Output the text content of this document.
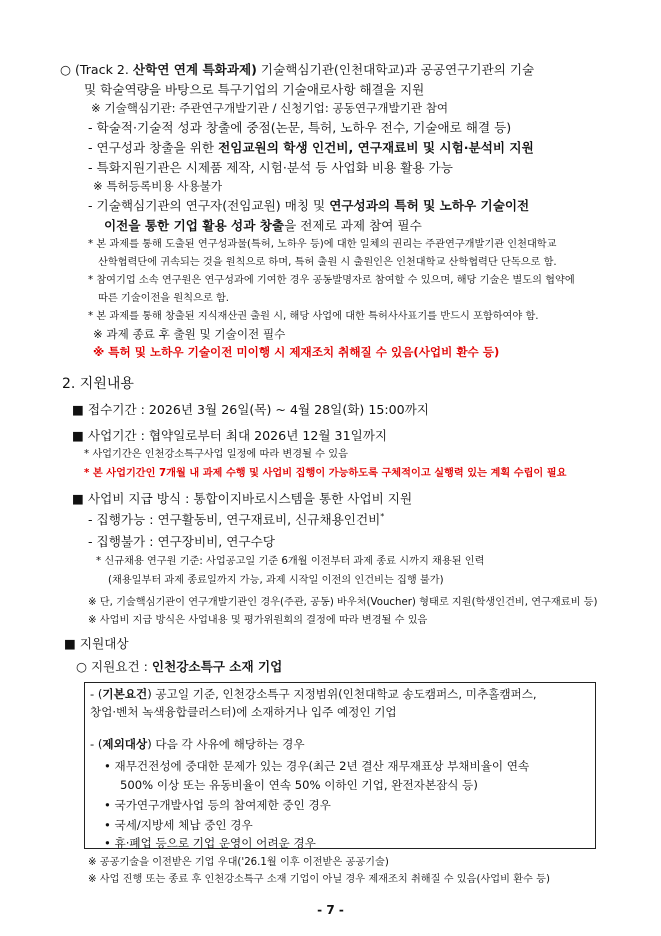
○ (Track 2. 산학연 연계 특화과제) 기술핵심기관(인천대학교)과 공공연구기관의 기술
및 학술역량을 바탕으로 특구기업의 기술애로사항 해결을 지원
※ 기술핵심기관: 주관연구개발기관 / 신청기업: 공동연구개발기관 참여
- 학술적·기술적 성과 창출에 중점(논문, 특허, 노하우 전수, 기술애로 해결 등)
- 연구성과 창출을 위한 전임교원의 학생 인건비, 연구재료비 및 시험·분석비 지원
- 특화지원기관은 시제품 제작, 시험·분석 등 사업화 비용 활용 가능
※ 특허등록비용 사용불가
- 기술핵심기관의 연구자(전임교원) 매칭 및 연구성과의 특허 및 노하우 기술이전
이전을 통한 기업 활용 성과 창출을 전제로 과제 참여 필수
* 본 과제를 통해 도출된 연구성과물(특허, 노하우 등)에 대한 일체의 권리는 주관연구개발기관 인천대학교
산학협력단에 귀속되는 것을 원칙으로 하며, 특허 출원 시 출원인은 인천대학교 산학협력단 단독으로 함.
* 참여기업 소속 연구원은 연구성과에 기여한 경우 공동발명자로 참여할 수 있으며, 해당 기술은 별도의 협약에
따른 기술이전을 원칙으로 함.
* 본 과제를 통해 창출된 지식재산권 출원 시, 해당 사업에 대한 특허사사표기를 반드시 포함하여야 함.
※ 과제 종료 후 출원 및 기술이전 필수
※ 특허 및 노하우 기술이전 미이행 시 제재조치 취해질 수 있음(사업비 환수 등)
2. 지원내용
■ 접수기간 : 2026년 3월 26일(목) ~ 4월 28일(화) 15:00까지
■ 사업기간 : 협약일로부터 최대 2026년 12월 31일까지
* 사업기간은 인천강소특구사업 일정에 따라 변경될 수 있음
* 본 사업기간인 7개월 내 과제 수행 및 사업비 집행이 가능하도록 구체적이고 실행력 있는 계획 수립이 필요
■ 사업비 지급 방식 : 통합이지바로시스템을 통한 사업비 지원
- 집행가능 : 연구활동비, 연구재료비, 신규채용인건비*
- 집행불가 : 연구장비비, 연구수당
* 신규채용 연구원 기준: 사업공고일 기준 6개월 이전부터 과제 종료 시까지 채용된 인력
(채용일부터 과제 종료일까지 가능, 과제 시작일 이전의 인건비는 집행 불가)
※ 단, 기술핵심기관이 연구개발기관인 경우(주관, 공동) 바우처(Voucher) 형태로 지원(학생인건비, 연구재료비 등)
※ 사업비 지급 방식은 사업내용 및 평가위원회의 결정에 따라 변경될 수 있음
■ 지원대상
○ 지원요건 : 인천강소특구 소재 기업
- (기본요건) 공고일 기준, 인천강소특구 지정범위(인천대학교 송도캠퍼스, 미추홀캠퍼스,
창업·벤처 녹색융합클러스터)에 소재하거나 입주 예정인 기업
- (제외대상) 다음 각 사유에 해당하는 경우
• 재무건전성에 중대한 문제가 있는 경우(최근 2년 결산 재무재표상 부채비율이 연속
500% 이상 또는 유동비율이 연속 50% 이하인 기업, 완전자본잠식 등)
• 국가연구개발사업 등의 참여제한 중인 경우
• 국세/지방세 체납 중인 경우
• 휴·폐업 등으로 기업 운영이 어려운 경우
※ 공공기술을 이전받은 기업 우대('26.1월 이후 이전받은 공공기술)
※ 사업 진행 또는 종료 후 인천강소특구 소재 기업이 아닐 경우 제재조치 취해질 수 있음(사업비 환수 등)
- 7 -
